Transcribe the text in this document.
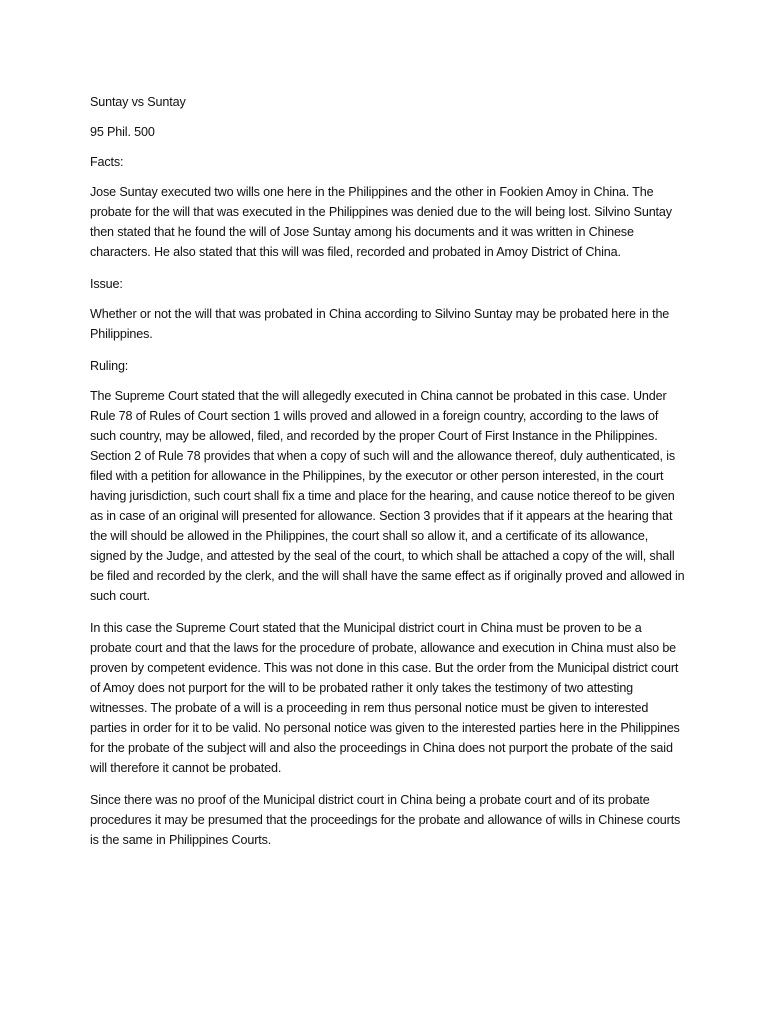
Suntay vs Suntay

95 Phil. 500

Facts:

Jose Suntay executed two wills one here in the Philippines and the other in Fookien Amoy in China. The probate for the will that was executed in the Philippines was denied due to the will being lost. Silvino Suntay then stated that he found the will of Jose Suntay among his documents and it was written in Chinese characters. He also stated that this will was filed, recorded and probated in Amoy District of China.

Issue:

Whether or not the will that was probated in China according to Silvino Suntay may be probated here in the Philippines.

Ruling:

The Supreme Court stated that the will allegedly executed in China cannot be probated in this case. Under Rule 78 of Rules of Court section 1 wills proved and allowed in a foreign country, according to the laws of such country, may be allowed, filed, and recorded by the proper Court of First Instance in the Philippines. Section 2 of Rule 78 provides that when a copy of such will and the allowance thereof, duly authenticated, is filed with a petition for allowance in the Philippines, by the executor or other person interested, in the court having jurisdiction, such court shall fix a time and place for the hearing, and cause notice thereof to be given as in case of an original will presented for allowance. Section 3 provides that if it appears at the hearing that the will should be allowed in the Philippines, the court shall so allow it, and a certificate of its allowance, signed by the Judge, and attested by the seal of the court, to which shall be attached a copy of the will, shall be filed and recorded by the clerk, and the will shall have the same effect as if originally proved and allowed in such court.

In this case the Supreme Court stated that the Municipal district court in China must be proven to be a probate court and that the laws for the procedure of probate, allowance and execution in China must also be proven by competent evidence. This was not done in this case. But the order from the Municipal district court of Amoy does not purport for the will to be probated rather it only takes the testimony of two attesting witnesses. The probate of a will is a proceeding in rem thus personal notice must be given to interested parties in order for it to be valid. No personal notice was given to the interested parties here in the Philippines for the probate of the subject will and also the proceedings in China does not purport the probate of the said will therefore it cannot be probated.

Since there was no proof of the Municipal district court in China being a probate court and of its probate procedures it may be presumed that the proceedings for the probate and allowance of wills in Chinese courts is the same in Philippines Courts.
